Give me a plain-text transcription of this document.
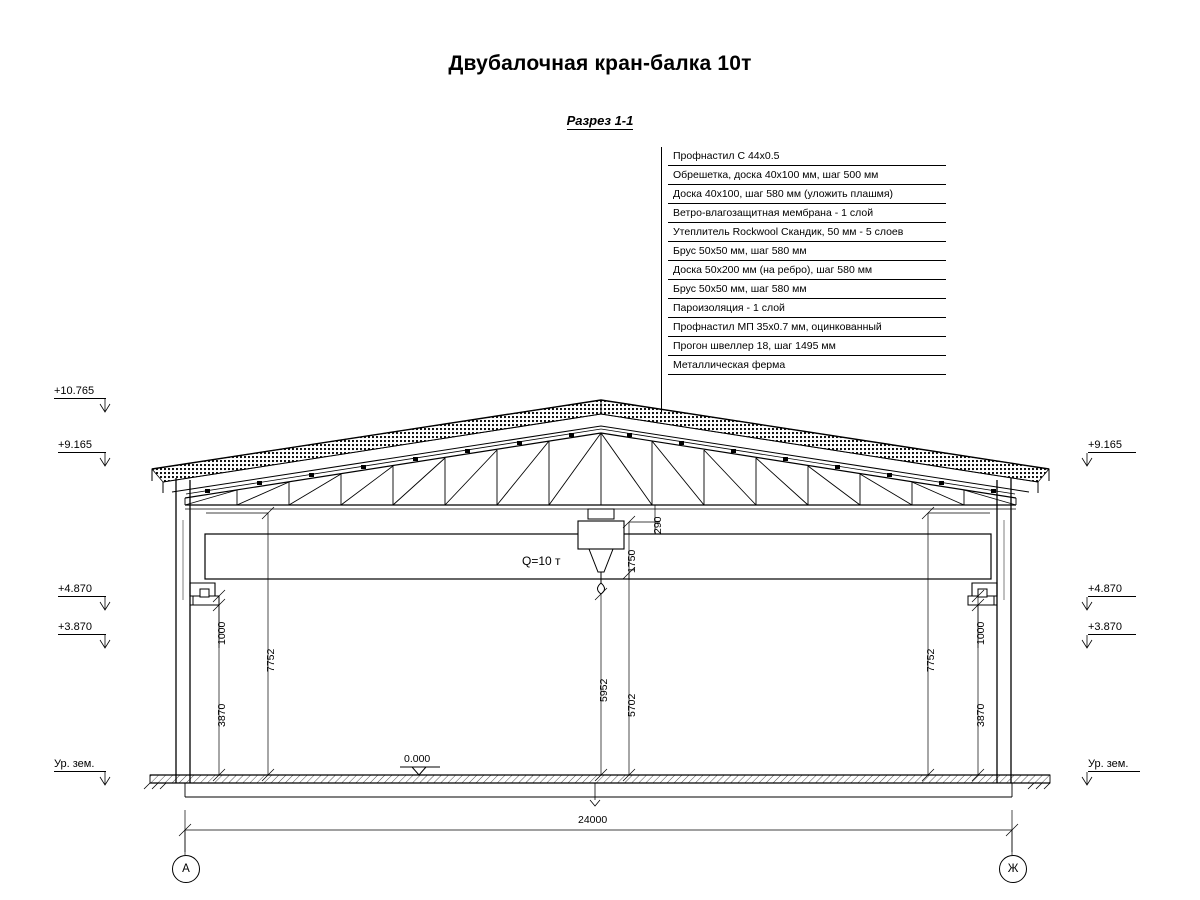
Двубалочная кран-балка 10т
Разрез 1-1
Профнастил С 44х0.5
Обрешетка, доска 40х100 мм, шаг 500 мм
Доска 40х100, шаг 580 мм (уложить плашмя)
Ветро-влагозащитная мембрана - 1 слой
Утеплитель Rockwool Скандик, 50 мм - 5 слоев
Брус 50х50 мм, шаг 580 мм
Доска 50х200 мм (на ребро), шаг 580 мм
Брус 50х50 мм, шаг 580 мм
Пароизоляция - 1 слой
Профнастил МП 35х0.7 мм, оцинкованный
Прогон швеллер 18, шаг 1495 мм
Металлическая ферма
+10.765
+9.165
+4.870
+3.870
Ур. зем.
+9.165
+4.870
+3.870
Ур. зем.
0.000
Q=10 т
7752	7752
3870	3870
1000	1000
5952
5702
1750
290
24000
А	Ж
